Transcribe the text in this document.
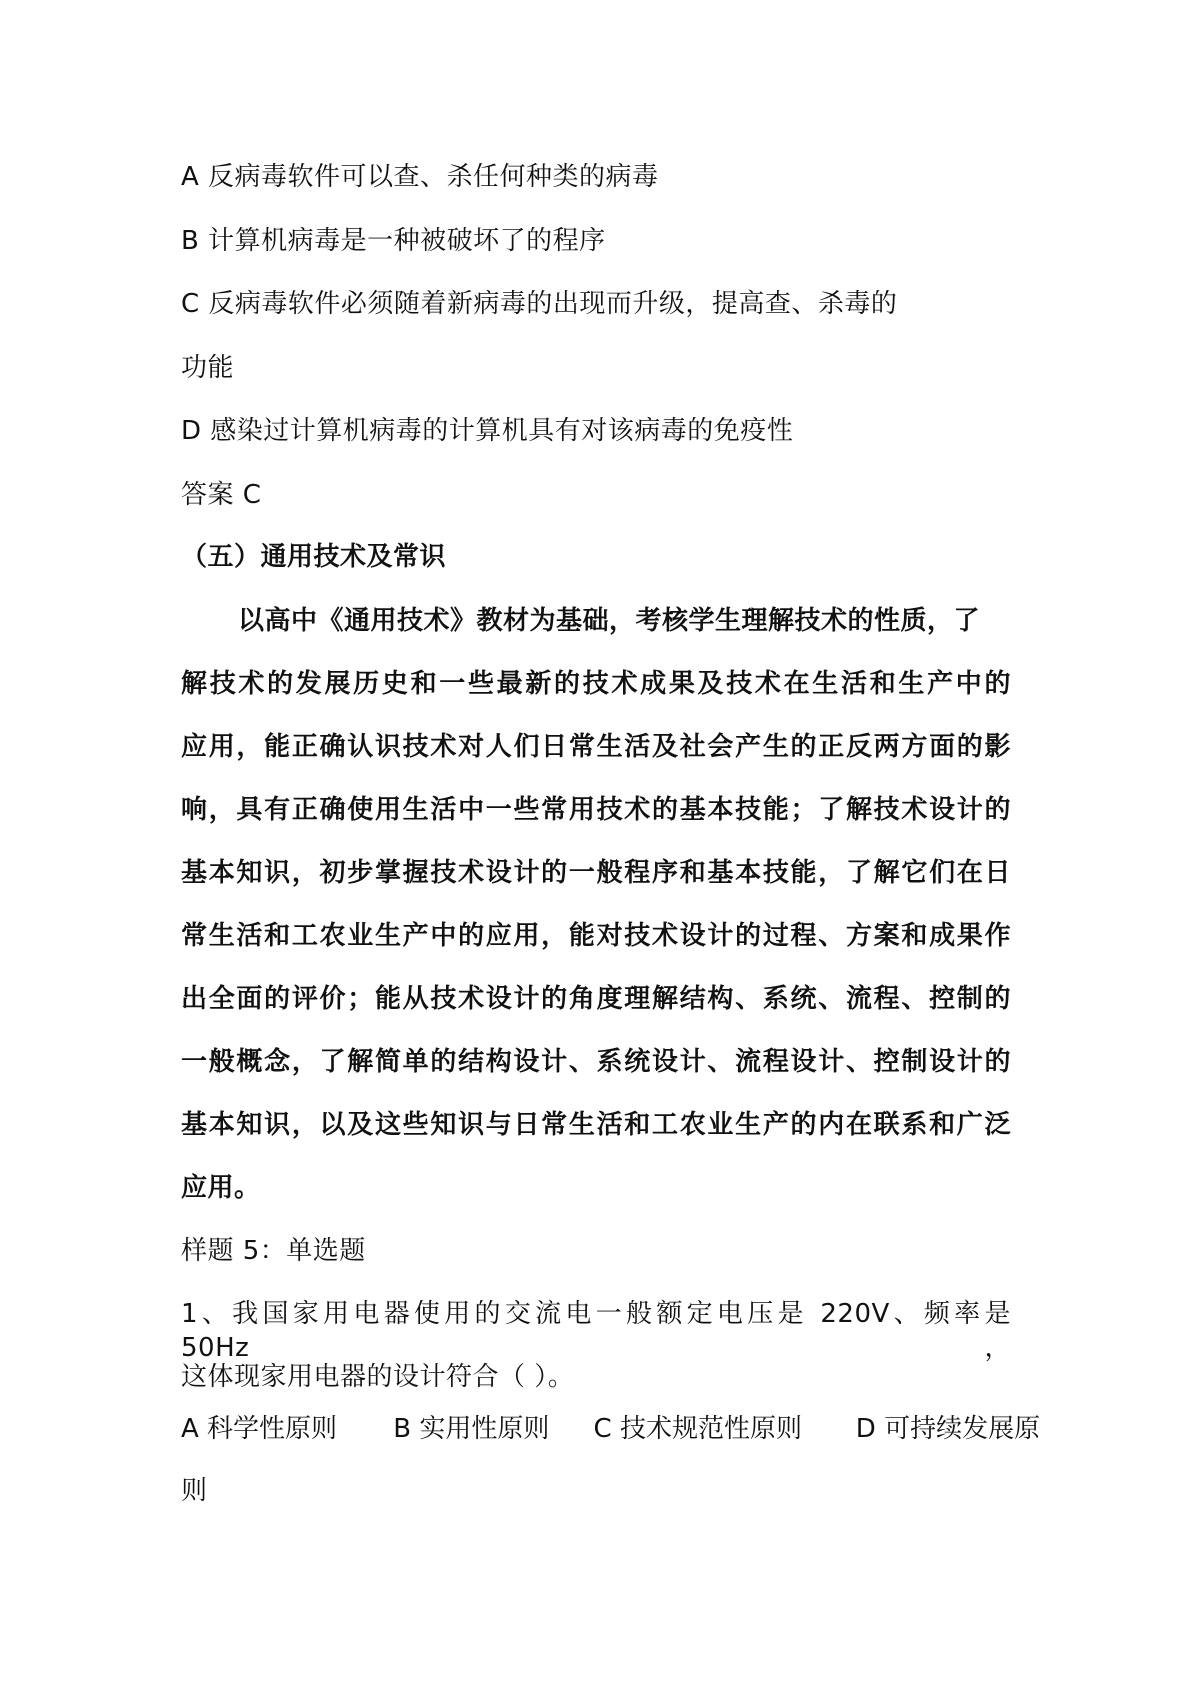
A 反病毒软件可以查、杀任何种类的病毒
B 计算机病毒是一种被破坏了的程序
C 反病毒软件必须随着新病毒的出现而升级，提高查、杀毒的
功能
D 感染过计算机病毒的计算机具有对该病毒的免疫性
答案 C
（五）通用技术及常识
以高中《通用技术》教材为基础，考核学生理解技术的性质，了
解技术的发展历史和一些最新的技术成果及技术在生活和生产中的
应用，能正确认识技术对人们日常生活及社会产生的正反两方面的影
响，具有正确使用生活中一些常用技术的基本技能；了解技术设计的
基本知识，初步掌握技术设计的一般程序和基本技能，了解它们在日
常生活和工农业生产中的应用，能对技术设计的过程、方案和成果作
出全面的评价；能从技术设计的角度理解结构、系统、流程、控制的
一般概念，了解简单的结构设计、系统设计、流程设计、控制设计的
基本知识，以及这些知识与日常生活和工农业生产的内在联系和广泛
应用。
样题 5：单选题
1、我国家用电器使用的交流电一般额定电压是 220V、频率是 50Hz，
这体现家用电器的设计符合（ ）。
A 科学性原则 B 实用性原则 C 技术规范性原则 D 可持续发展原
则
